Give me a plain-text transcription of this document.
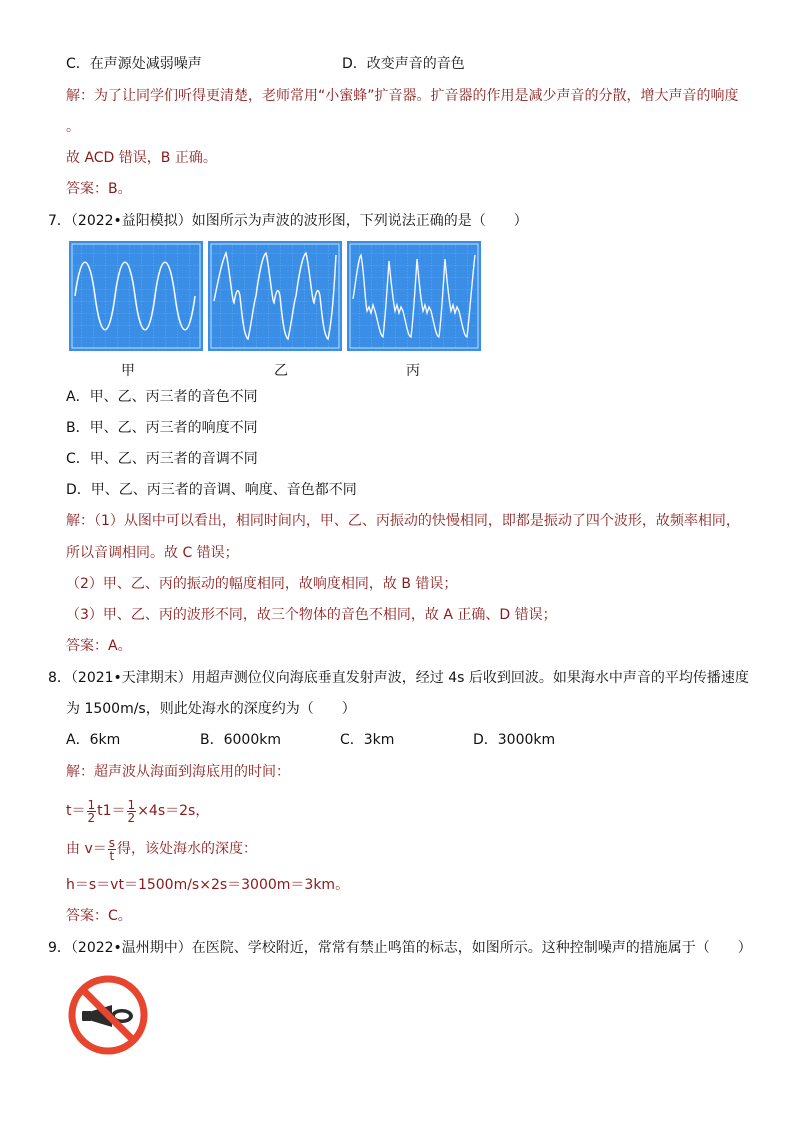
C．在声源处减弱噪声	D．改变声音的音色
解：为了让同学们听得更清楚，老师常用“小蜜蜂”扩音器。扩音器的作用是减少声音的分散，增大声音的响度
。
故 ACD 错误，B 正确。
答案：B。
7．（2022•益阳模拟）如图所示为声波的波形图，下列说法正确的是（　　）
甲	乙	丙
A．甲、乙、丙三者的音色不同
B．甲、乙、丙三者的响度不同
C．甲、乙、丙三者的音调不同
D．甲、乙、丙三者的音调、响度、音色都不同
解：（1）从图中可以看出，相同时间内，甲、乙、丙振动的快慢相同，即都是振动了四个波形，故频率相同，
所以音调相同。故 C 错误；
（2）甲、乙、丙的振动的幅度相同，故响度相同，故 B 错误；
（3）甲、乙、丙的波形不同，故三个物体的音色不相同，故 A 正确、D 错误；
答案：A。
8．（2021•天津期末）用超声测位仪向海底垂直发射声波，经过 4s 后收到回波。如果海水中声音的平均传播速度
为 1500m/s，则此处海水的深度约为（　　）
A．6km	B．6000km	C．3km	D．3000km
解：超声波从海面到海底用的时间：
$t= \frac{1}{2} t1= \frac{1}{2} \times 4s=2s$，
由 $v= \frac{s}{t}$ 得，该处海水的深度：
h＝s＝vt＝1500m/s×2s＝3000m＝3km。
答案：C。
9．（2022•温州期中）在医院、学校附近，常常有禁止鸣笛的标志，如图所示。这种控制噪声的措施属于（　　）
